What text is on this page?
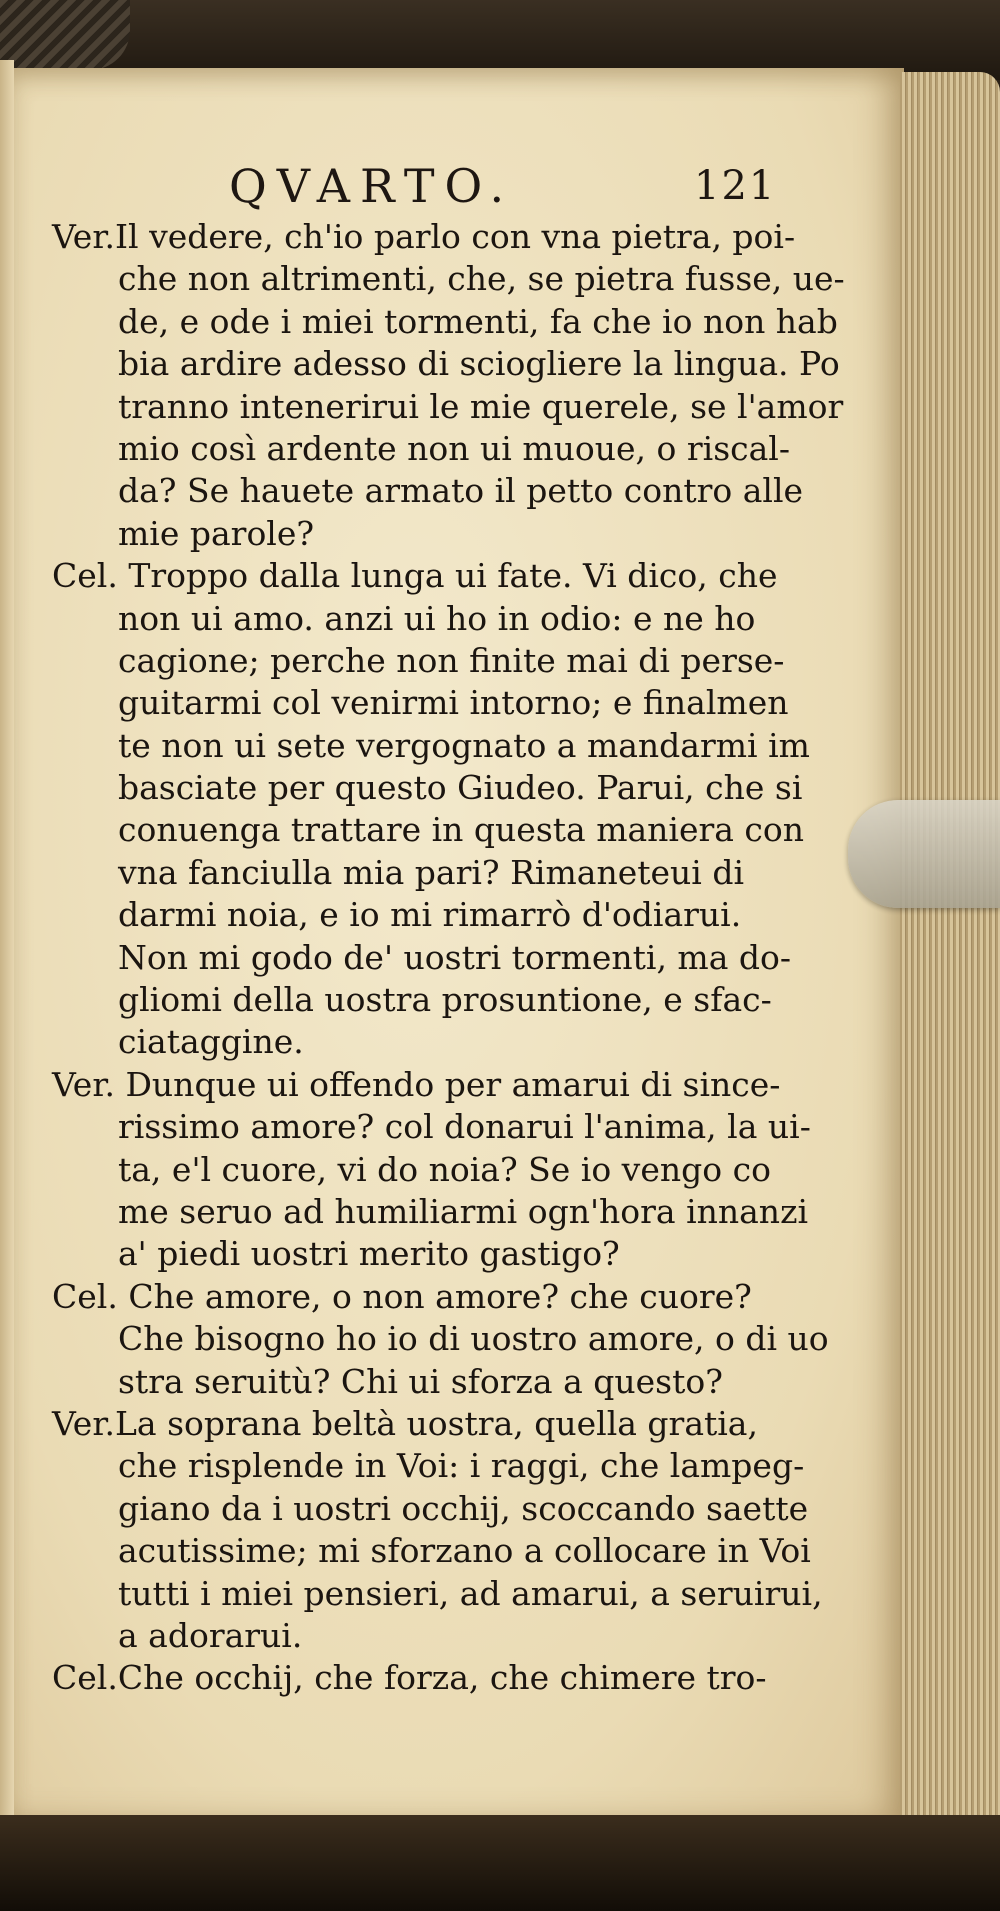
QVARTO.	121
Ver.Il vedere, ch'io parlo con vna pietra, poi-
che non altrimenti, che, se pietra fusse, ue-
de, e ode i miei tormenti, fa che io non hab
bia ardire adesso di sciogliere la lingua. Po
tranno intenerirui le mie querele, se l'amor
mio così ardente non ui muoue, o riscal-
da? Se hauete armato il petto contro alle
mie parole?
Cel. Troppo dalla lunga ui fate. Vi dico, che
non ui amo. anzi ui ho in odio: e ne ho
cagione; perche non finite mai di perse-
guitarmi col venirmi intorno; e finalmen
te non ui sete vergognato a mandarmi im
basciate per questo Giudeo. Parui, che si
conuenga trattare in questa maniera con
vna fanciulla mia pari? Rimaneteui di
darmi noia, e io mi rimarrò d'odiarui.
Non mi godo de' uostri tormenti, ma do-
gliomi della uostra prosuntione, e sfac-
ciataggine.
Ver. Dunque ui offendo per amarui di since-
rissimo amore? col donarui l'anima, la ui-
ta, e'l cuore, vi do noia? Se io vengo co
me seruo ad humiliarmi ogn'hora innanzi
a' piedi uostri merito gastigo?
Cel. Che amore, o non amore? che cuore?
Che bisogno ho io di uostro amore, o di uo
stra seruitù? Chi ui sforza a questo?
Ver.La soprana beltà uostra, quella gratia,
che risplende in Voi: i raggi, che lampeg-
giano da i uostri occhij, scoccando saette
acutissime; mi sforzano a collocare in Voi
tutti i miei pensieri, ad amarui, a seruirui,
a adorarui.
Cel.Che occhij, che forza, che chimere tro-
